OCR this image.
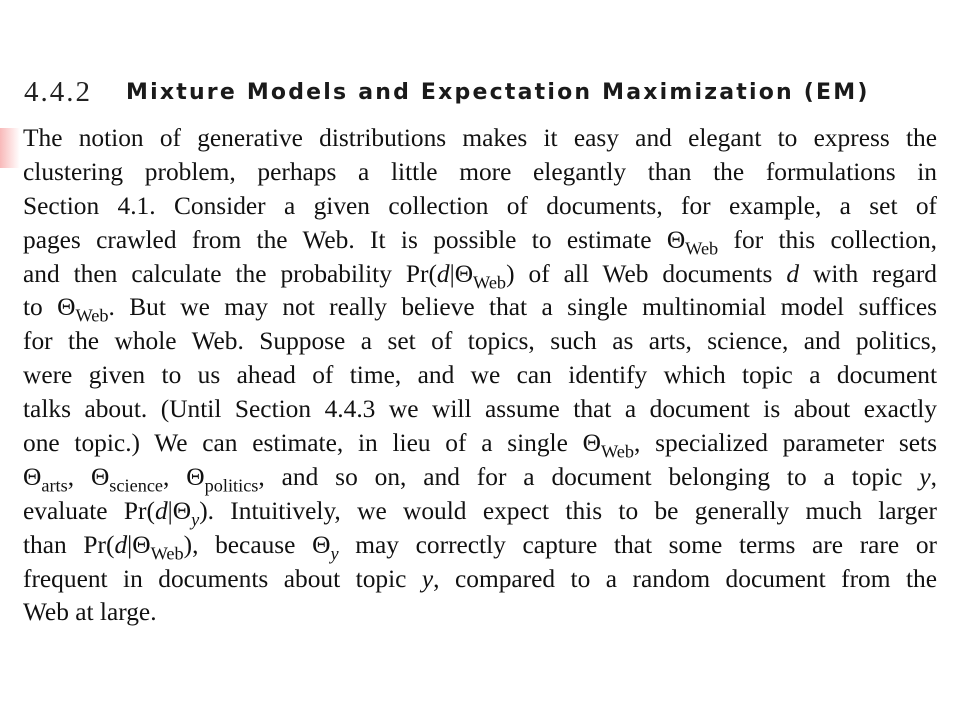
4.4.2 Mixture Models and Expectation Maximization (EM)
The notion of generative distributions makes it easy and elegant to express the
clustering problem, perhaps a little more elegantly than the formulations in
Section 4.1. Consider a given collection of documents, for example, a set of
pages crawled from the Web. It is possible to estimate $\Theta_{Web}$ for this collection,
and then calculate the probability $Pr(d|\Theta_{Web})$ of all Web documents d with regard
to $\Theta_{Web}$. But we may not really believe that a single multinomial model suffices
for the whole Web. Suppose a set of topics, such as arts, science, and politics,
were given to us ahead of time, and we can identify which topic a document
talks about. (Until Section 4.4.3 we will assume that a document is about exactly
one topic.) We can estimate, in lieu of a single $\Theta_{Web}$, specialized parameter sets
$\Theta_{arts}$, $\Theta_{science}$, $\Theta_{politics}$, and so on, and for a document belonging to a topic y,
evaluate $Pr(d|\Theta_y)$. Intuitively, we would expect this to be generally much larger
than $Pr(d|\Theta_{Web})$, because $\Theta_y$ may correctly capture that some terms are rare or
frequent in documents about topic y, compared to a random document from the
Web at large.
